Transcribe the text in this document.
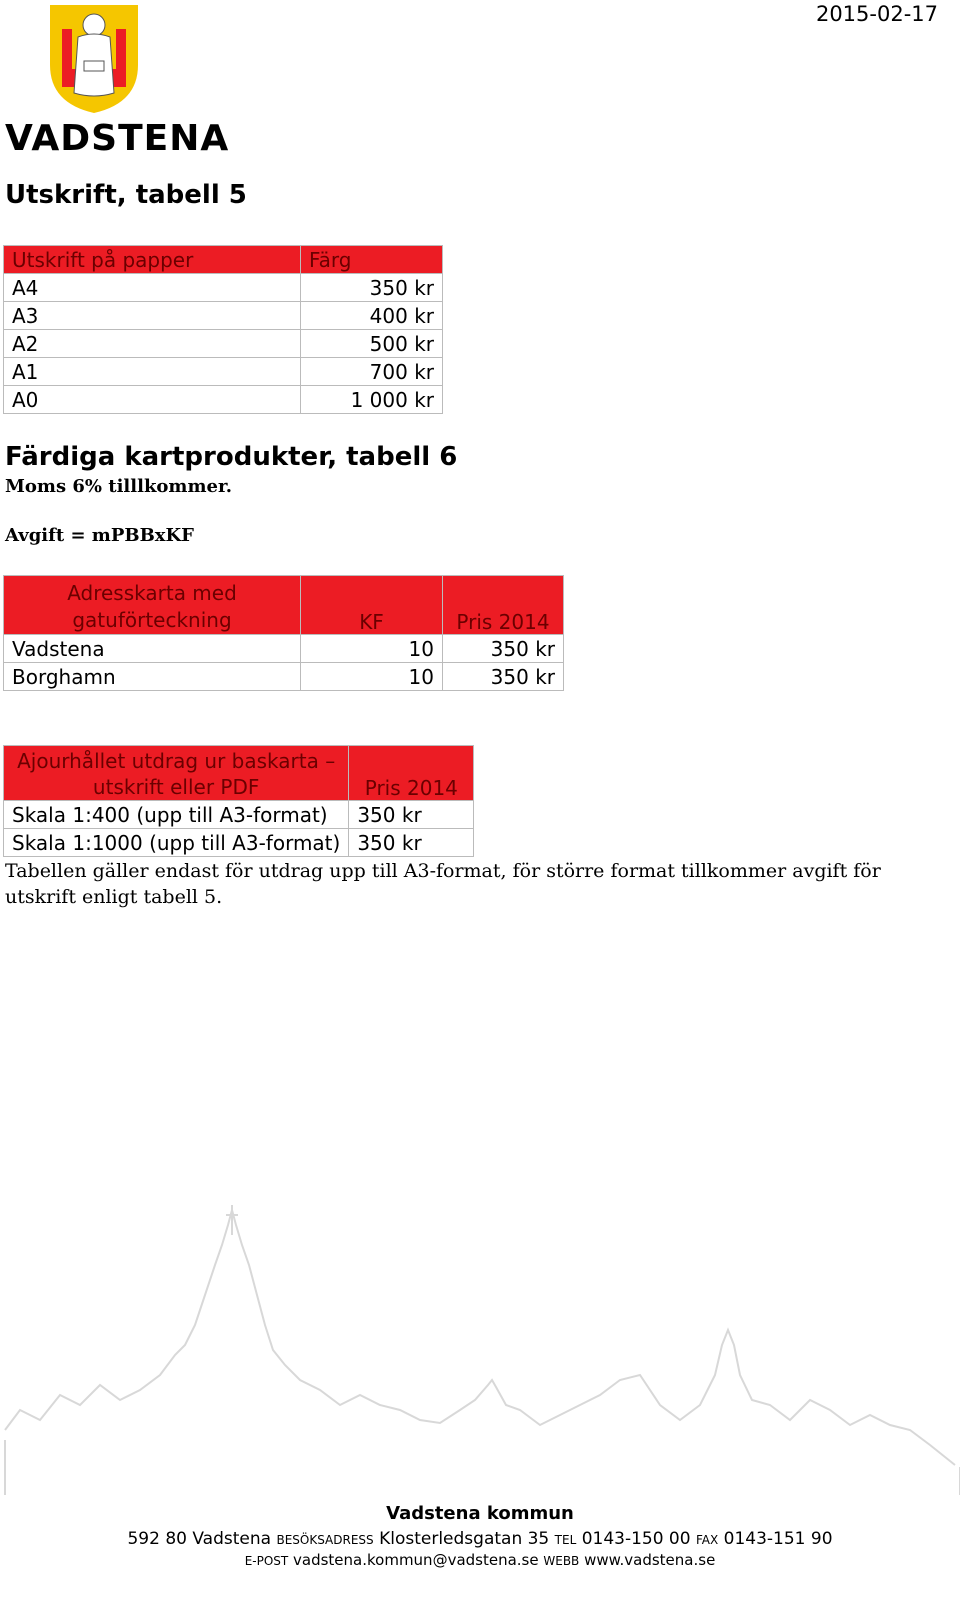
2015-02-17
VADSTENA
Utskrift, tabell 5
Utskrift på papper	Färg
A4	350 kr
A3	400 kr
A2	500 kr
A1	700 kr
A0	1 000 kr
Färdiga kartprodukter, tabell 6
Moms 6% tilllkommer.
Avgift = mPBBxKF
Adresskarta med gatuförteckning	KF	Pris 2014
Vadstena	10	350 kr
Borghamn	10	350 kr
Ajourhållet utdrag ur baskarta – utskrift eller PDF	Pris 2014
Skala 1:400 (upp till A3-format)	350 kr
Skala 1:1000 (upp till A3-format)	350 kr
Tabellen gäller endast för utdrag upp till A3-format, för större format tillkommer avgift för utskrift enligt tabell 5.
Vadstena kommun
592 80 Vadstena BESÖKSADRESS Klosterledsgatan 35 TEL 0143-150 00 FAX 0143-151 90
E-POST vadstena.kommun@vadstena.se WEBB www.vadstena.se
